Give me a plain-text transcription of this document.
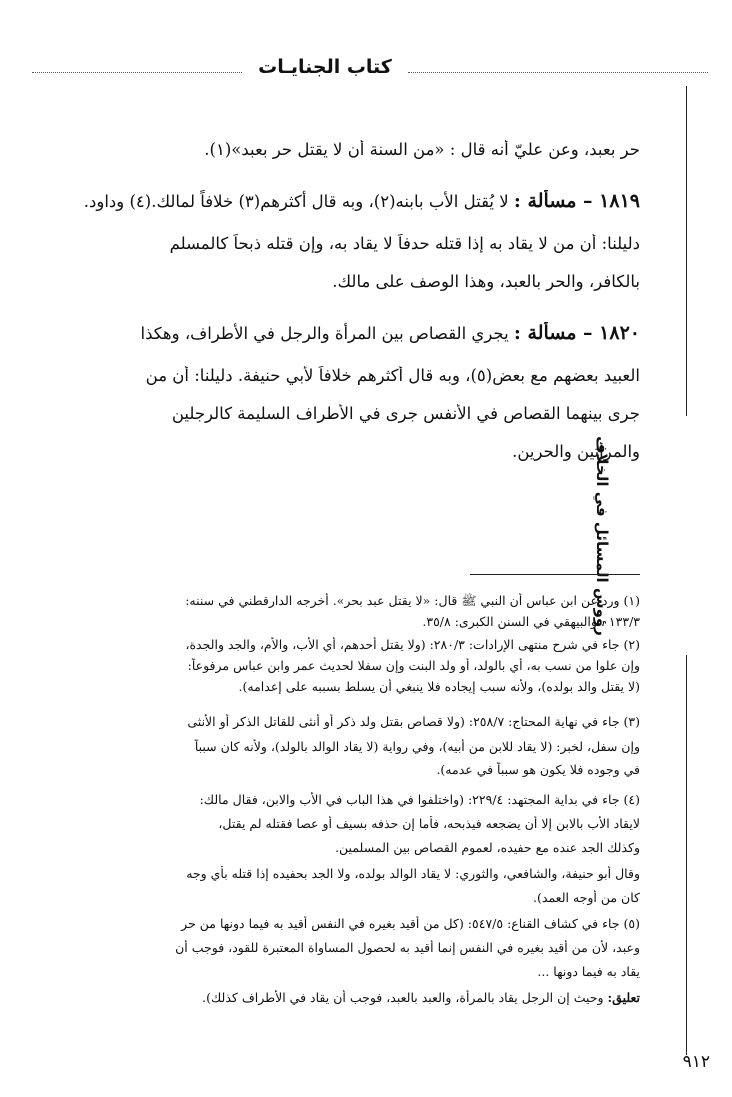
كتاب الجنايـات
حر بعبد، وعن عليّ أنه قال : «من السنة أن لا يقتل حر بعبد»(١).
١٨١٩ – مسألة : لا يُقتل الأب بابنه(٢)، وبه قال أكثرهم(٣) خلافاً لمالك.(٤) وداود.
دليلنا: أن من لا يقاد به إذا قتله حدفاً لا يقاد به، وإن قتله ذبحاً كالمسلم
بالكافر، والحر بالعبد، وهذا الوصف على مالك.
١٨٢٠ – مسألة : يجري القصاص بين المرأة والرجل في الأطراف، وهكذا
العبيد بعضهم مع بعض(٥)، وبه قال أكثرهم خلافاً لأبي حنيفة. دليلنا: أن من
جرى بينهما القصاص في الأنفس جرى في الأطراف السليمة كالرجلين
والمرأتين والحرين.
رؤوس المسائل في الخلاف
(١) ورد عن ابن عباس أن النبي ﷺ قال: «لا يقتل عبد بحر». أخرجه الدارقطني في سننه:
١٣٣/٣ ، والبيهقي في السنن الكبرى: ٣٥/٨.
(٢) جاء في شرح منتهى الإرادات: ٢٨٠/٣: (ولا يقتل أحدهم، أي الأب، والأم، والجد والجدة،
وإن علوا من نسب به، أي بالولد، أو ولد البنت وإن سفلا لحديث عمر وابن عباس مرفوعاً:
(لا يقتل والد بولده)، ولأنه سبب إيجاده فلا ينبغي أن يسلط بسببه على إعدامه).
(٣) جاء في نهاية المحتاج: ٢٥٨/٧: (ولا قصاص بقتل ولد ذكر أو أنثى للقاتل الذكر أو الأنثى
وإن سفل، لخبر: (لا يقاد للابن من أبيه)، وفي رواية (لا يقاد الوالد بالولد)، ولأنه كان سبباً
في وجوده فلا يكون هو سبباً في عدمه).
(٤) جاء في بداية المجتهد: ٢٢٩/٤: (واختلفوا في هذا الباب في الأب والابن، فقال مالك:
لايقاد الأب بالابن إلا أن يضجعه فيذبحه، فأما إن حذفه بسيف أو عصا فقتله لم يقتل،
وكذلك الجد عنده مع حفيده، لعموم القصاص بين المسلمين.
وقال أبو حنيفة، والشافعي، والثوري: لا يقاد الوالد بولده، ولا الجد بحفيده إذا قتله بأي وجه
كان من أوجه العمد).
(٥) جاء في كشاف القناع: ٥٤٧/٥: (كل من أقيد بغيره في النفس أقيد به فيما دونها من حر
وعبد، لأن من أقيد بغيره في النفس إنما أقيد به لحصول المساواة المعتبرة للقود، فوجب أن
يقاد به فيما دونها ...
تعليق: وحيث إن الرجل يقاد بالمرأة، والعبد بالعبد، فوجب أن يقاد في الأطراف كذلك).
٩١٢
